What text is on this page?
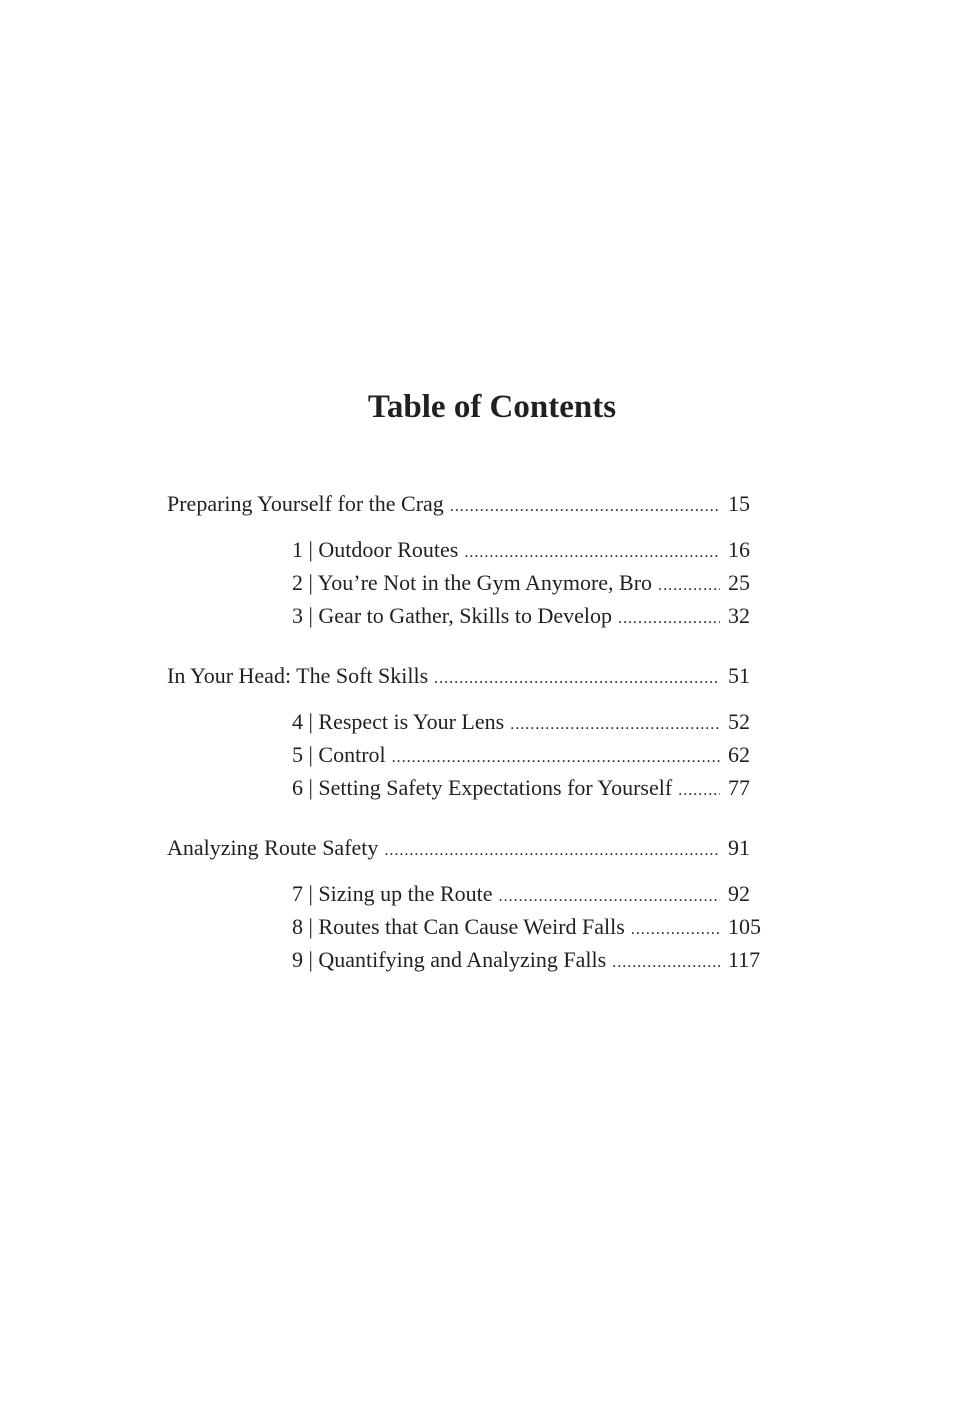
Table of Contents
Preparing Yourself for the Crag .....	15
1 | Outdoor Routes .....	16
2 | You’re Not in the Gym Anymore, Bro .....	25
3 | Gear to Gather, Skills to Develop .....	32
In Your Head: The Soft Skills .....	51
4 | Respect is Your Lens .....	52
5 | Control .....	62
6 | Setting Safety Expectations for Yourself .....	77
Analyzing Route Safety .....	91
7 | Sizing up the Route .....	92
8 | Routes that Can Cause Weird Falls .....	105
9 | Quantifying and Analyzing Falls .....	117
